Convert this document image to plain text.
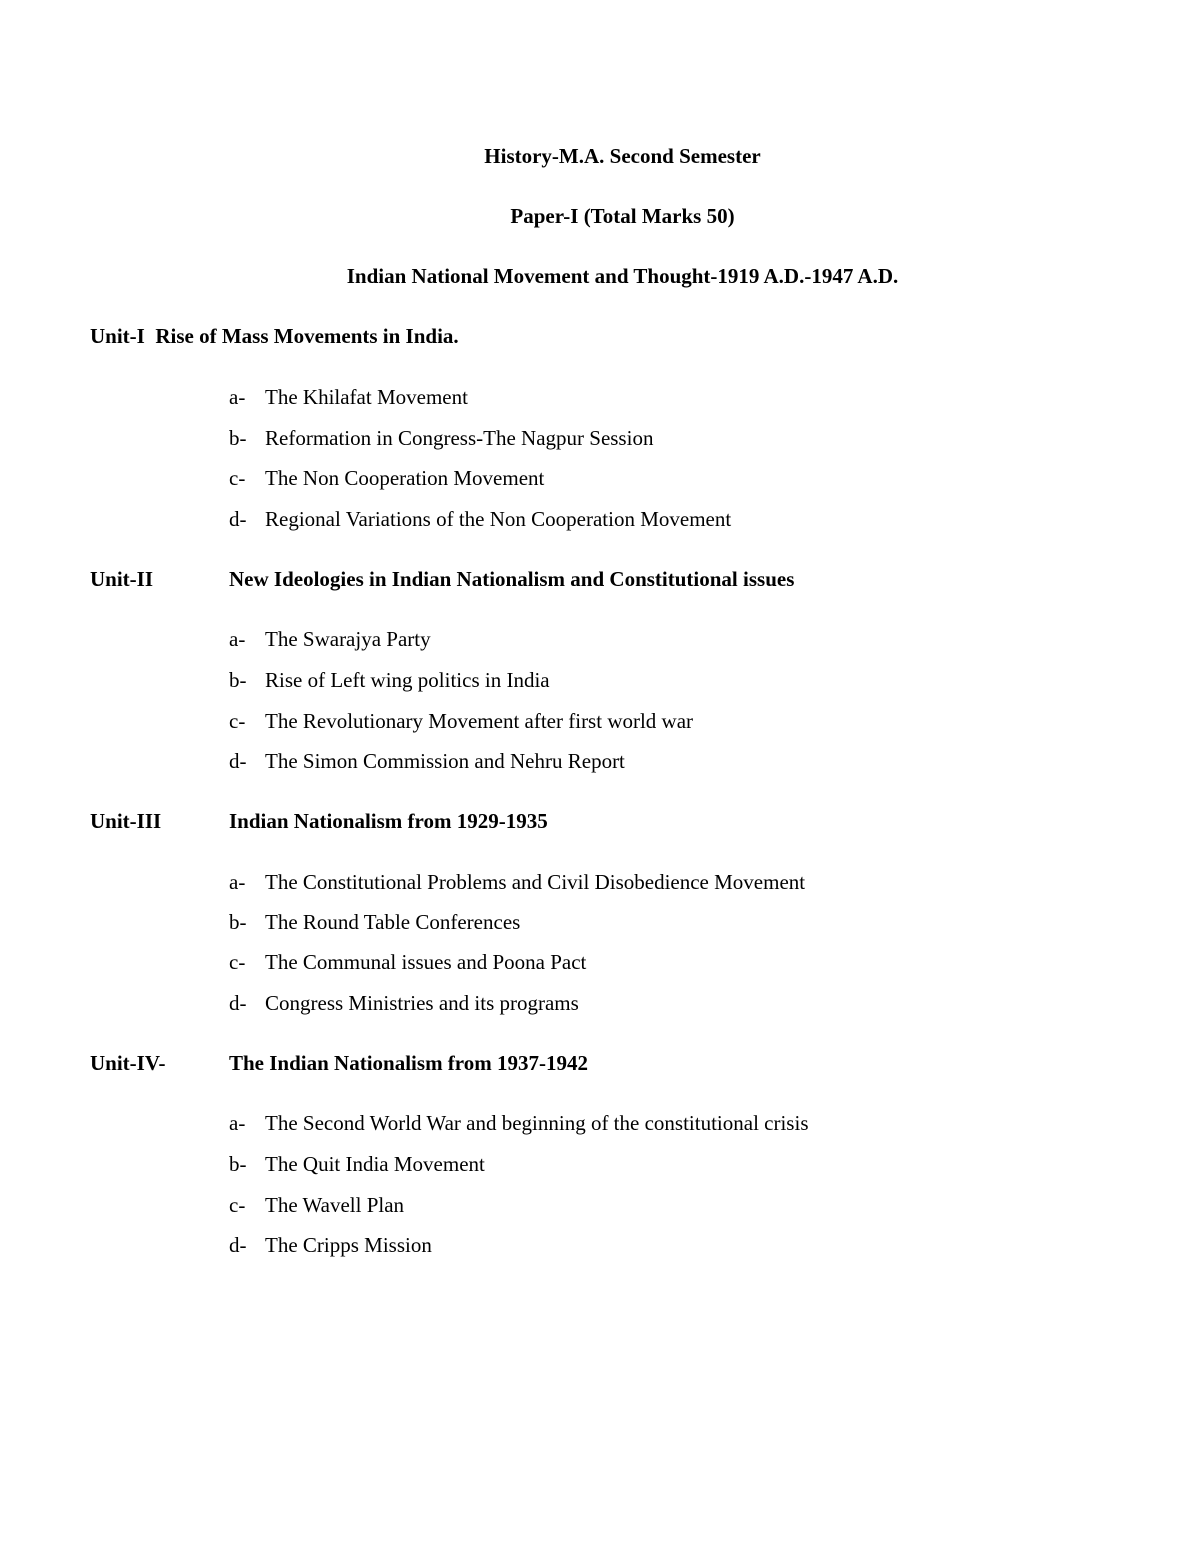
History-M.A. Second Semester
Paper-I (Total Marks 50)
Indian National Movement and Thought-1919 A.D.-1947 A.D.
Unit-I Rise of Mass Movements in India.
a- The Khilafat Movement
b- Reformation in Congress-The Nagpur Session
c- The Non Cooperation Movement
d- Regional Variations of the Non Cooperation Movement
Unit-II	New Ideologies in Indian Nationalism and Constitutional issues
a- The Swarajya Party
b- Rise of Left wing politics in India
c- The Revolutionary Movement after first world war
d- The Simon Commission and Nehru Report
Unit-III	Indian Nationalism from 1929-1935
a- The Constitutional Problems and Civil Disobedience Movement
b- The Round Table Conferences
c- The Communal issues and Poona Pact
d- Congress Ministries and its programs
Unit-IV-	The Indian Nationalism from 1937-1942
a- The Second World War and beginning of the constitutional crisis
b- The Quit India Movement
c- The Wavell Plan
d- The Cripps Mission
